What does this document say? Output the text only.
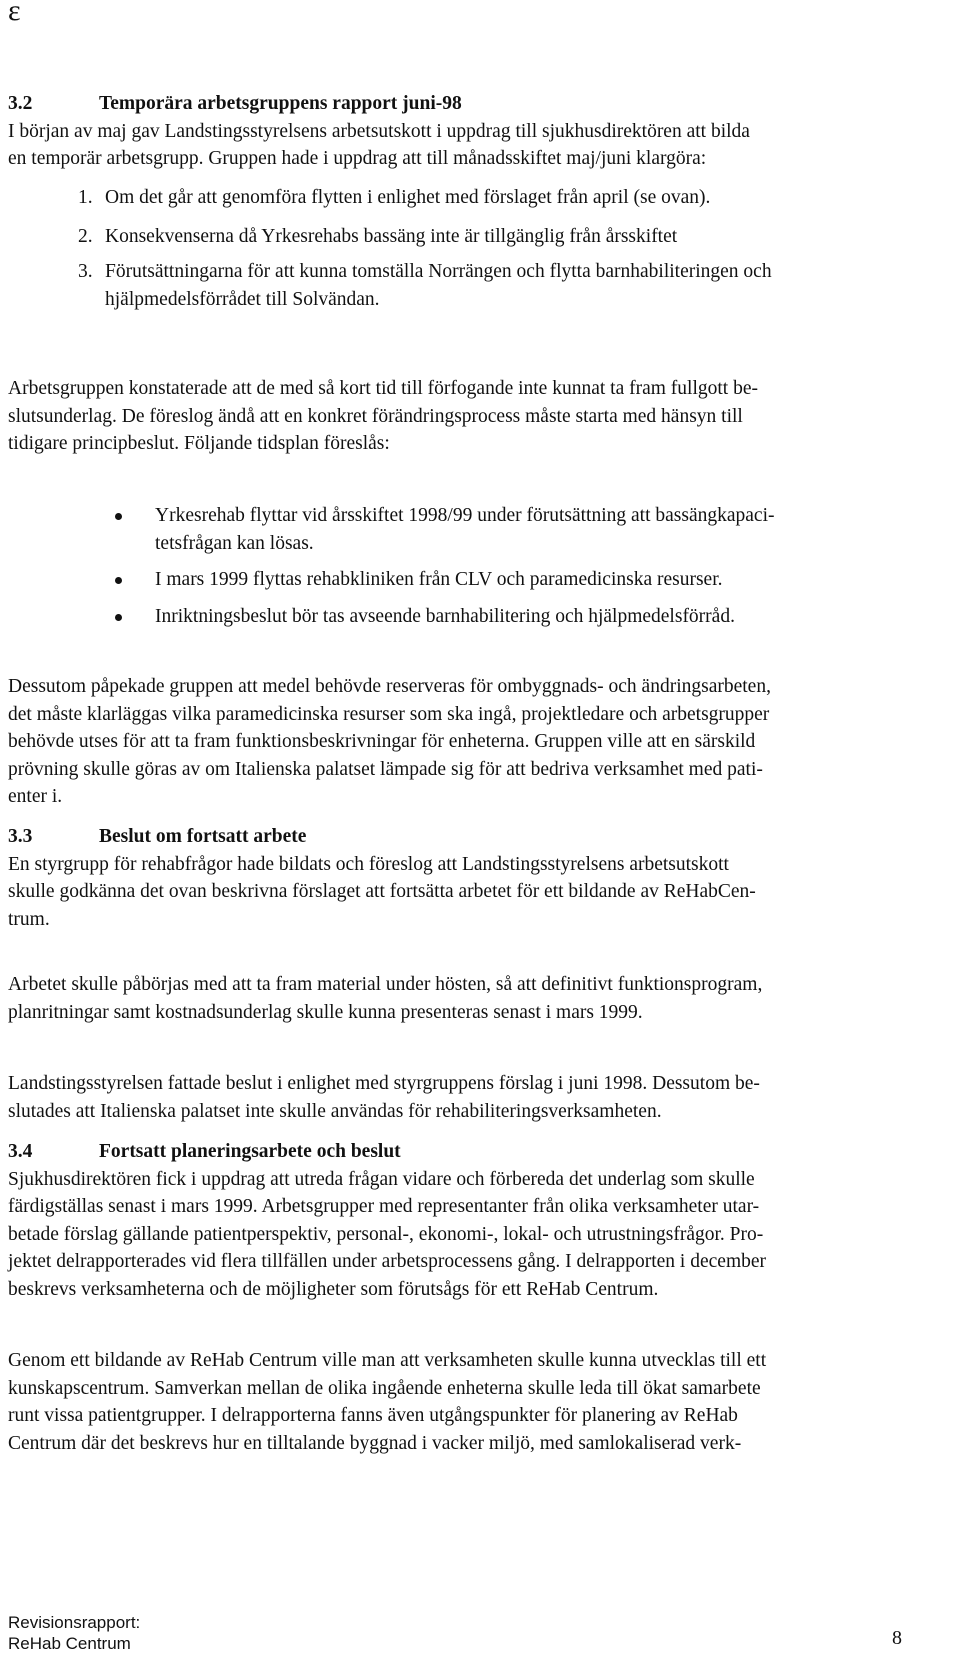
ε

3.2	Temporära arbetsgruppens rapport juni-98

I början av maj gav Landstingsstyrelsens arbetsutskott i uppdrag till sjukhusdirektören att bilda
en temporär arbetsgrupp. Gruppen hade i uppdrag att till månadsskiftet maj/juni klargöra:

1. Om det går att genomföra flytten i enlighet med förslaget från april (se ovan).

2. Konsekvenserna då Yrkesrehabs bassäng inte är tillgänglig från årsskiftet

3. Förutsättningarna för att kunna tomställa Norrängen och flytta barnhabiliteringen och
hjälpmedelsförrådet till Solvändan.

Arbetsgruppen konstaterade att de med så kort tid till förfogande inte kunnat ta fram fullgott be-
slutsunderlag. De föreslog ändå att en konkret förändringsprocess måste starta med hänsyn till
tidigare principbeslut. Följande tidsplan föreslås:

Yrkesrehab flyttar vid årsskiftet 1998/99 under förutsättning att bassängkapaci-
tetsfrågan kan lösas.

I mars 1999 flyttas rehabkliniken från CLV och paramedicinska resurser.

Inriktningsbeslut bör tas avseende barnhabilitering och hjälpmedelsförråd.

Dessutom påpekade gruppen att medel behövde reserveras för ombyggnads- och ändringsarbeten,
det måste klarläggas vilka paramedicinska resurser som ska ingå, projektledare och arbetsgrupper
behövde utses för att ta fram funktionsbeskrivningar för enheterna. Gruppen ville att en särskild
prövning skulle göras av om Italienska palatset lämpade sig för att bedriva verksamhet med pati-
enter i.

3.3	Beslut om fortsatt arbete

En styrgrupp för rehabfrågor hade bildats och föreslog att Landstingsstyrelsens arbetsutskott
skulle godkänna det ovan beskrivna förslaget att fortsätta arbetet för ett bildande av ReHabCen-
trum.

Arbetet skulle påbörjas med att ta fram material under hösten, så att definitivt funktionsprogram,
planritningar samt kostnadsunderlag skulle kunna presenteras senast i mars 1999.

Landstingsstyrelsen fattade beslut i enlighet med styrgruppens förslag i juni 1998. Dessutom be-
slutades att Italienska palatset inte skulle användas för rehabiliteringsverksamheten.

3.4	Fortsatt planeringsarbete och beslut

Sjukhusdirektören fick i uppdrag att utreda frågan vidare och förbereda det underlag som skulle
färdigställas senast i mars 1999. Arbetsgrupper med representanter från olika verksamheter utar-
betade förslag gällande patientperspektiv, personal-, ekonomi-, lokal- och utrustningsfrågor. Pro-
jektet delrapporterades vid flera tillfällen under arbetsprocessens gång. I delrapporten i december
beskrevs verksamheterna och de möjligheter som förutsågs för ett ReHab Centrum.

Genom ett bildande av ReHab Centrum ville man att verksamheten skulle kunna utvecklas till ett
kunskapscentrum. Samverkan mellan de olika ingående enheterna skulle leda till ökat samarbete
runt vissa patientgrupper. I delrapporterna fanns även utgångspunkter för planering av ReHab
Centrum där det beskrevs hur en tilltalande byggnad i vacker miljö, med samlokaliserad verk-

Revisionsrapport:
ReHab Centrum	8
